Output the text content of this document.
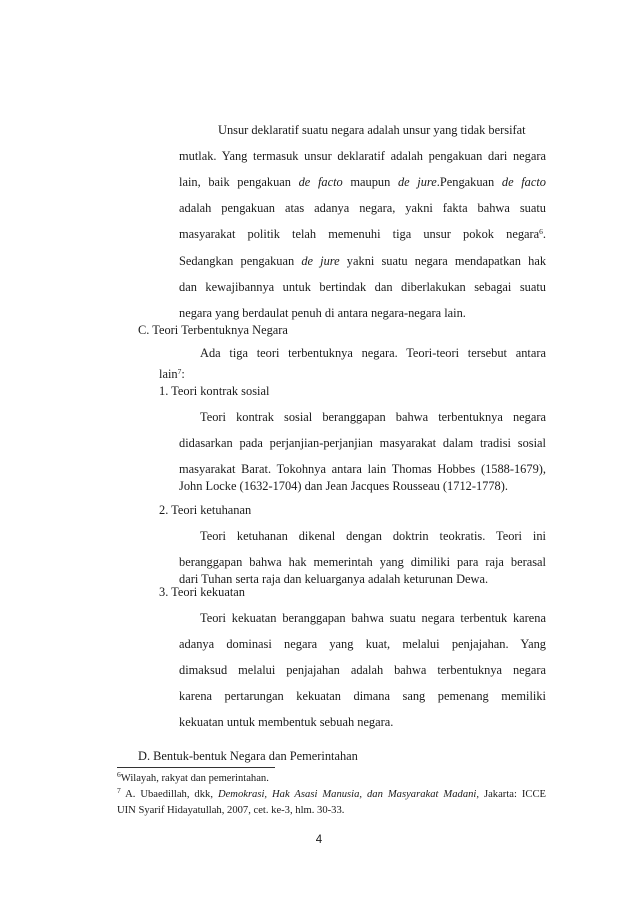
Unsur deklaratif suatu negara adalah unsur yang tidak bersifat
mutlak. Yang termasuk unsur deklaratif adalah pengakuan dari negara
lain, baik pengakuan de facto maupun de jure.Pengakuan de facto
adalah pengakuan atas adanya negara, yakni fakta bahwa suatu
masyarakat politik telah memenuhi tiga unsur pokok negara$^6$.
Sedangkan pengakuan de jure yakni suatu negara mendapatkan hak
dan kewajibannya untuk bertindak dan diberlakukan sebagai suatu
negara yang berdaulat penuh di antara negara-negara lain.
C. Teori Terbentuknya Negara
Ada tiga teori terbentuknya negara. Teori-teori tersebut antara
lain$^7$:
1. Teori kontrak sosial
Teori kontrak sosial beranggapan bahwa terbentuknya negara
didasarkan pada perjanjian-perjanjian masyarakat dalam tradisi sosial
masyarakat Barat. Tokohnya antara lain Thomas Hobbes (1588-1679),
John Locke (1632-1704) dan Jean Jacques Rousseau (1712-1778).
2. Teori ketuhanan
Teori ketuhanan dikenal dengan doktrin teokratis. Teori ini
beranggapan bahwa hak memerintah yang dimiliki para raja berasal
dari Tuhan serta raja dan keluarganya adalah keturunan Dewa.
3. Teori kekuatan
Teori kekuatan beranggapan bahwa suatu negara terbentuk karena
adanya dominasi negara yang kuat, melalui penjajahan. Yang
dimaksud melalui penjajahan adalah bahwa terbentuknya negara
karena pertarungan kekuatan dimana sang pemenang memiliki
kekuatan untuk membentuk sebuah negara.
D. Bentuk-bentuk Negara dan Pemerintahan
$^6$Wilayah, rakyat dan pemerintahan.
$^7$ A. Ubaedillah, dkk, Demokrasi, Hak Asasi Manusia, dan Masyarakat Madani, Jakarta: ICCE
UIN Syarif Hidayatullah, 2007, cet. ke-3, hlm. 30-33.
4
